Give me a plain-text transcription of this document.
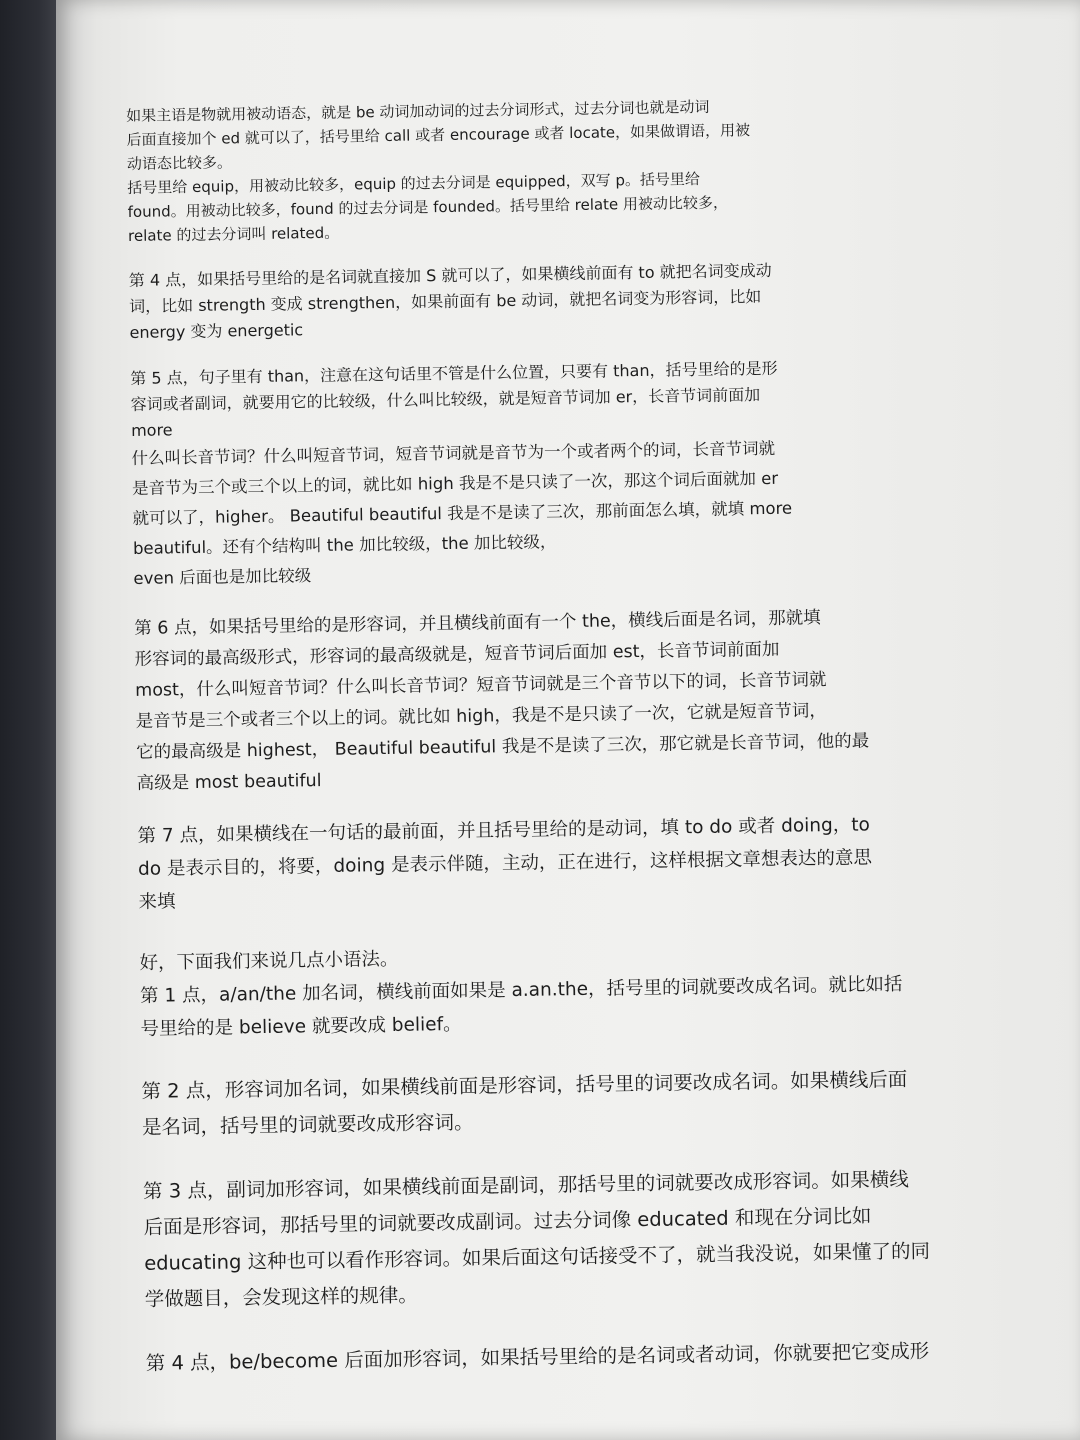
如果主语是物就用被动语态，就是 be 动词加动词的过去分词形式，过去分词也就是动词

后面直接加个 ed 就可以了，括号里给 call 或者 encourage 或者 locate，如果做谓语，用被

动语态比较多。

括号里给 equip，用被动比较多，equip 的过去分词是 equipped，双写 p。括号里给

found。用被动比较多，found 的过去分词是 founded。括号里给 relate 用被动比较多，

relate 的过去分词叫 related。

第 4 点，如果括号里给的是名词就直接加 S 就可以了，如果横线前面有 to 就把名词变成动

词，比如 strength 变成 strengthen，如果前面有 be 动词，就把名词变为形容词，比如

energy 变为 energetic

第 5 点，句子里有 than，注意在这句话里不管是什么位置，只要有 than，括号里给的是形

容词或者副词，就要用它的比较级，什么叫比较级，就是短音节词加 er，长音节词前面加

more

什么叫长音节词？什么叫短音节词，短音节词就是音节为一个或者两个的词，长音节词就

是音节为三个或三个以上的词，就比如 high 我是不是只读了一次，那这个词后面就加 er

就可以了，higher。 Beautiful beautiful 我是不是读了三次，那前面怎么填，就填 more

beautiful。还有个结构叫 the 加比较级，the 加比较级，

even 后面也是加比较级

第 6 点，如果括号里给的是形容词，并且横线前面有一个 the，横线后面是名词，那就填

形容词的最高级形式，形容词的最高级就是，短音节词后面加 est，长音节词前面加

most，什么叫短音节词？什么叫长音节词？短音节词就是三个音节以下的词，长音节词就

是音节是三个或者三个以上的词。就比如 high，我是不是只读了一次，它就是短音节词，

它的最高级是 highest， Beautiful beautiful 我是不是读了三次，那它就是长音节词，他的最

高级是 most beautiful

第 7 点，如果横线在一句话的最前面，并且括号里给的是动词，填 to do 或者 doing，to

do 是表示目的，将要，doing 是表示伴随，主动，正在进行，这样根据文章想表达的意思

来填

好，下面我们来说几点小语法。

第 1 点，a/an/the 加名词，横线前面如果是 a.an.the，括号里的词就要改成名词。就比如括

号里给的是 believe 就要改成 belief。

第 2 点，形容词加名词，如果横线前面是形容词，括号里的词要改成名词。如果横线后面

是名词，括号里的词就要改成形容词。

第 3 点，副词加形容词，如果横线前面是副词，那括号里的词就要改成形容词。如果横线

后面是形容词，那括号里的词就要改成副词。过去分词像 educated 和现在分词比如

educating 这种也可以看作形容词。如果后面这句话接受不了，就当我没说，如果懂了的同

学做题目，会发现这样的规律。

第 4 点，be/become 后面加形容词，如果括号里给的是名词或者动词，你就要把它变成形
